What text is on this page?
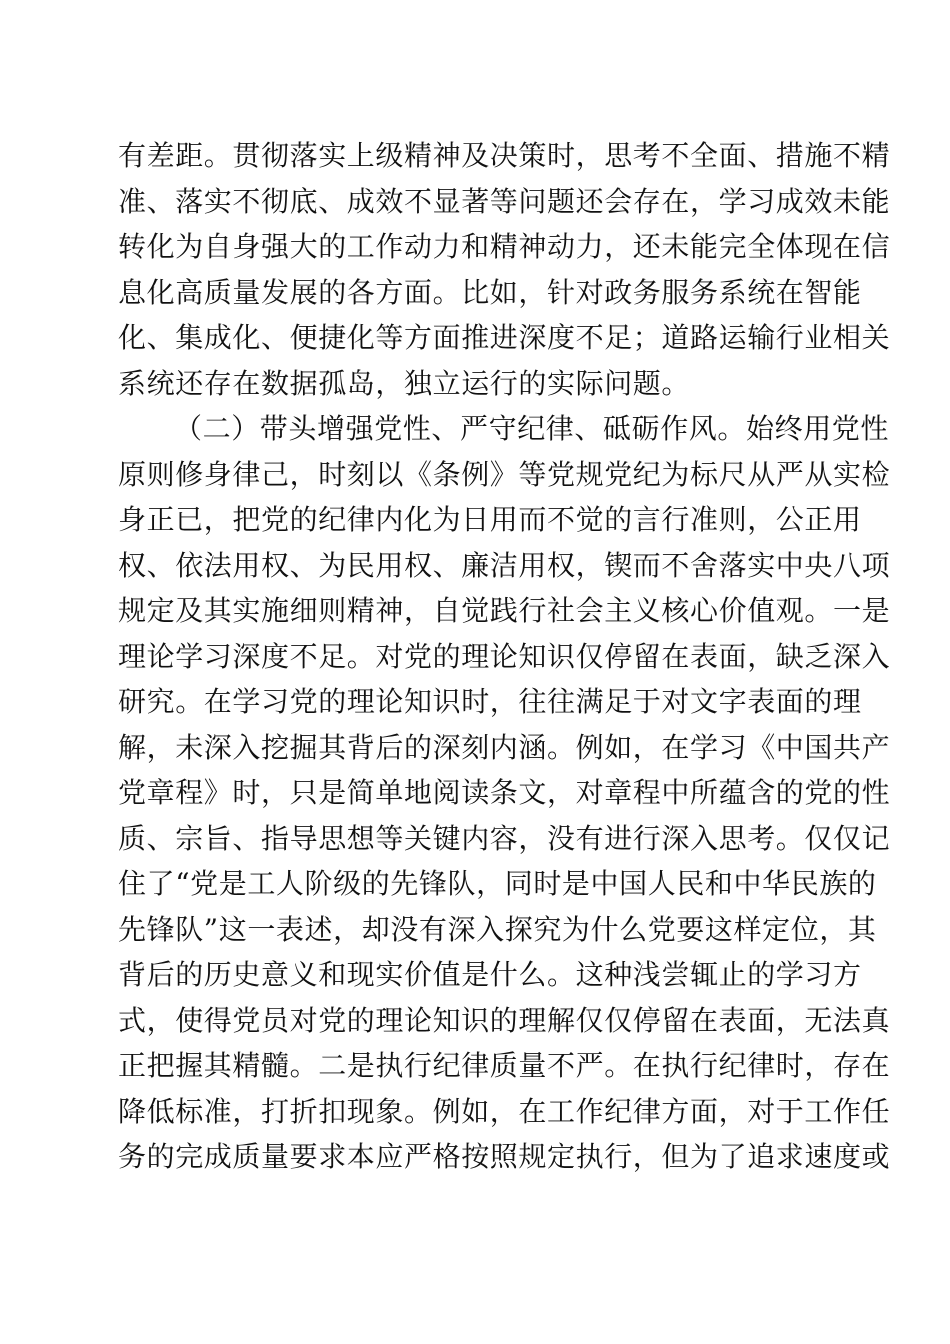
有差距。贯彻落实上级精神及决策时，思考不全面、措施不精
准、落实不彻底、成效不显著等问题还会存在，学习成效未能
转化为自身强大的工作动力和精神动力，还未能完全体现在信
息化高质量发展的各方面。比如，针对政务服务系统在智能
化、集成化、便捷化等方面推进深度不足；道路运输行业相关
系统还存在数据孤岛，独立运行的实际问题。
（二）带头增强党性、严守纪律、砥砺作风。始终用党性
原则修身律己，时刻以《条例》等党规党纪为标尺从严从实检
身正已，把党的纪律内化为日用而不觉的言行准则，公正用
权、依法用权、为民用权、廉洁用权，锲而不舍落实中央八项
规定及其实施细则精神，自觉践行社会主义核心价值观。一是
理论学习深度不足。对党的理论知识仅停留在表面，缺乏深入
研究。在学习党的理论知识时，往往满足于对文字表面的理
解，未深入挖掘其背后的深刻内涵。例如，在学习《中国共产
党章程》时，只是简单地阅读条文，对章程中所蕴含的党的性
质、宗旨、指导思想等关键内容，没有进行深入思考。仅仅记
住了“党是工人阶级的先锋队，同时是中国人民和中华民族的
先锋队”这一表述，却没有深入探究为什么党要这样定位，其
背后的历史意义和现实价值是什么。这种浅尝辄止的学习方
式，使得党员对党的理论知识的理解仅仅停留在表面，无法真
正把握其精髓。二是执行纪律质量不严。在执行纪律时，存在
降低标准，打折扣现象。例如，在工作纪律方面，对于工作任
务的完成质量要求本应严格按照规定执行，但为了追求速度或
